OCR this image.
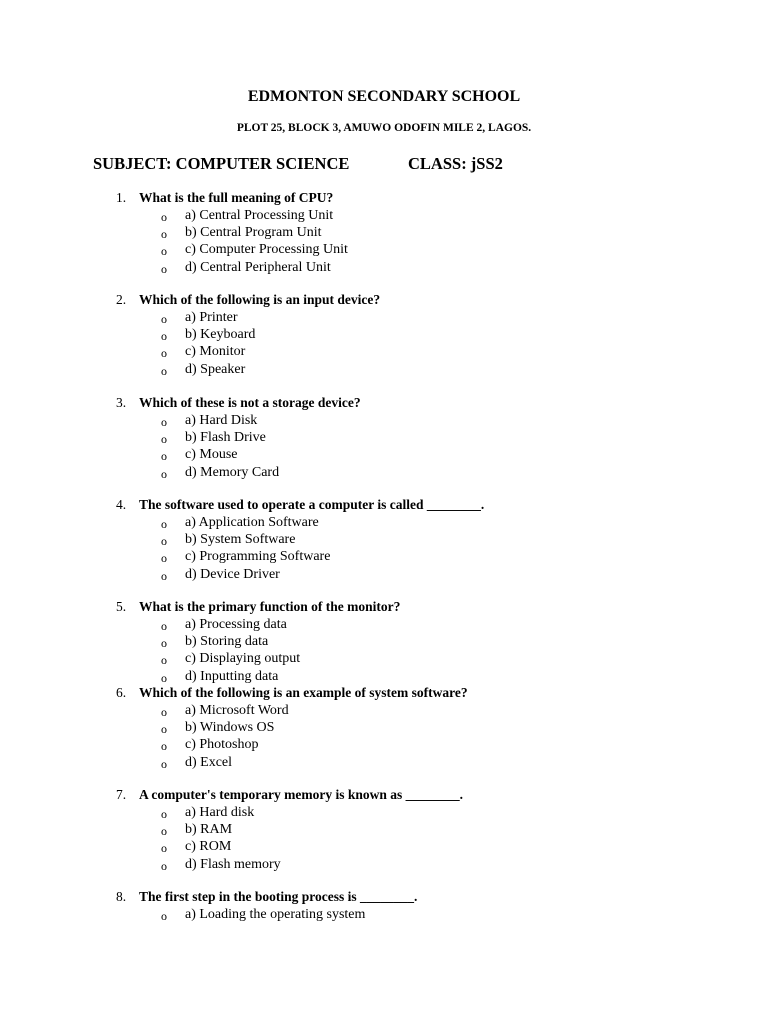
EDMONTON SECONDARY SCHOOL
PLOT 25, BLOCK 3, AMUWO ODOFIN MILE 2, LAGOS.
SUBJECT: COMPUTER SCIENCE	CLASS: jSS2
1. What is the full meaning of CPU?
o a) Central Processing Unit
o b) Central Program Unit
o c) Computer Processing Unit
o d) Central Peripheral Unit
2. Which of the following is an input device?
o a) Printer
o b) Keyboard
o c) Monitor
o d) Speaker
3. Which of these is not a storage device?
o a) Hard Disk
o b) Flash Drive
o c) Mouse
o d) Memory Card
4. The software used to operate a computer is called ________.
o a) Application Software
o b) System Software
o c) Programming Software
o d) Device Driver
5. What is the primary function of the monitor?
o a) Processing data
o b) Storing data
o c) Displaying output
o d) Inputting data
6. Which of the following is an example of system software?
o a) Microsoft Word
o b) Windows OS
o c) Photoshop
o d) Excel
7. A computer's temporary memory is known as ________.
o a) Hard disk
o b) RAM
o c) ROM
o d) Flash memory
8. The first step in the booting process is ________.
o a) Loading the operating system
